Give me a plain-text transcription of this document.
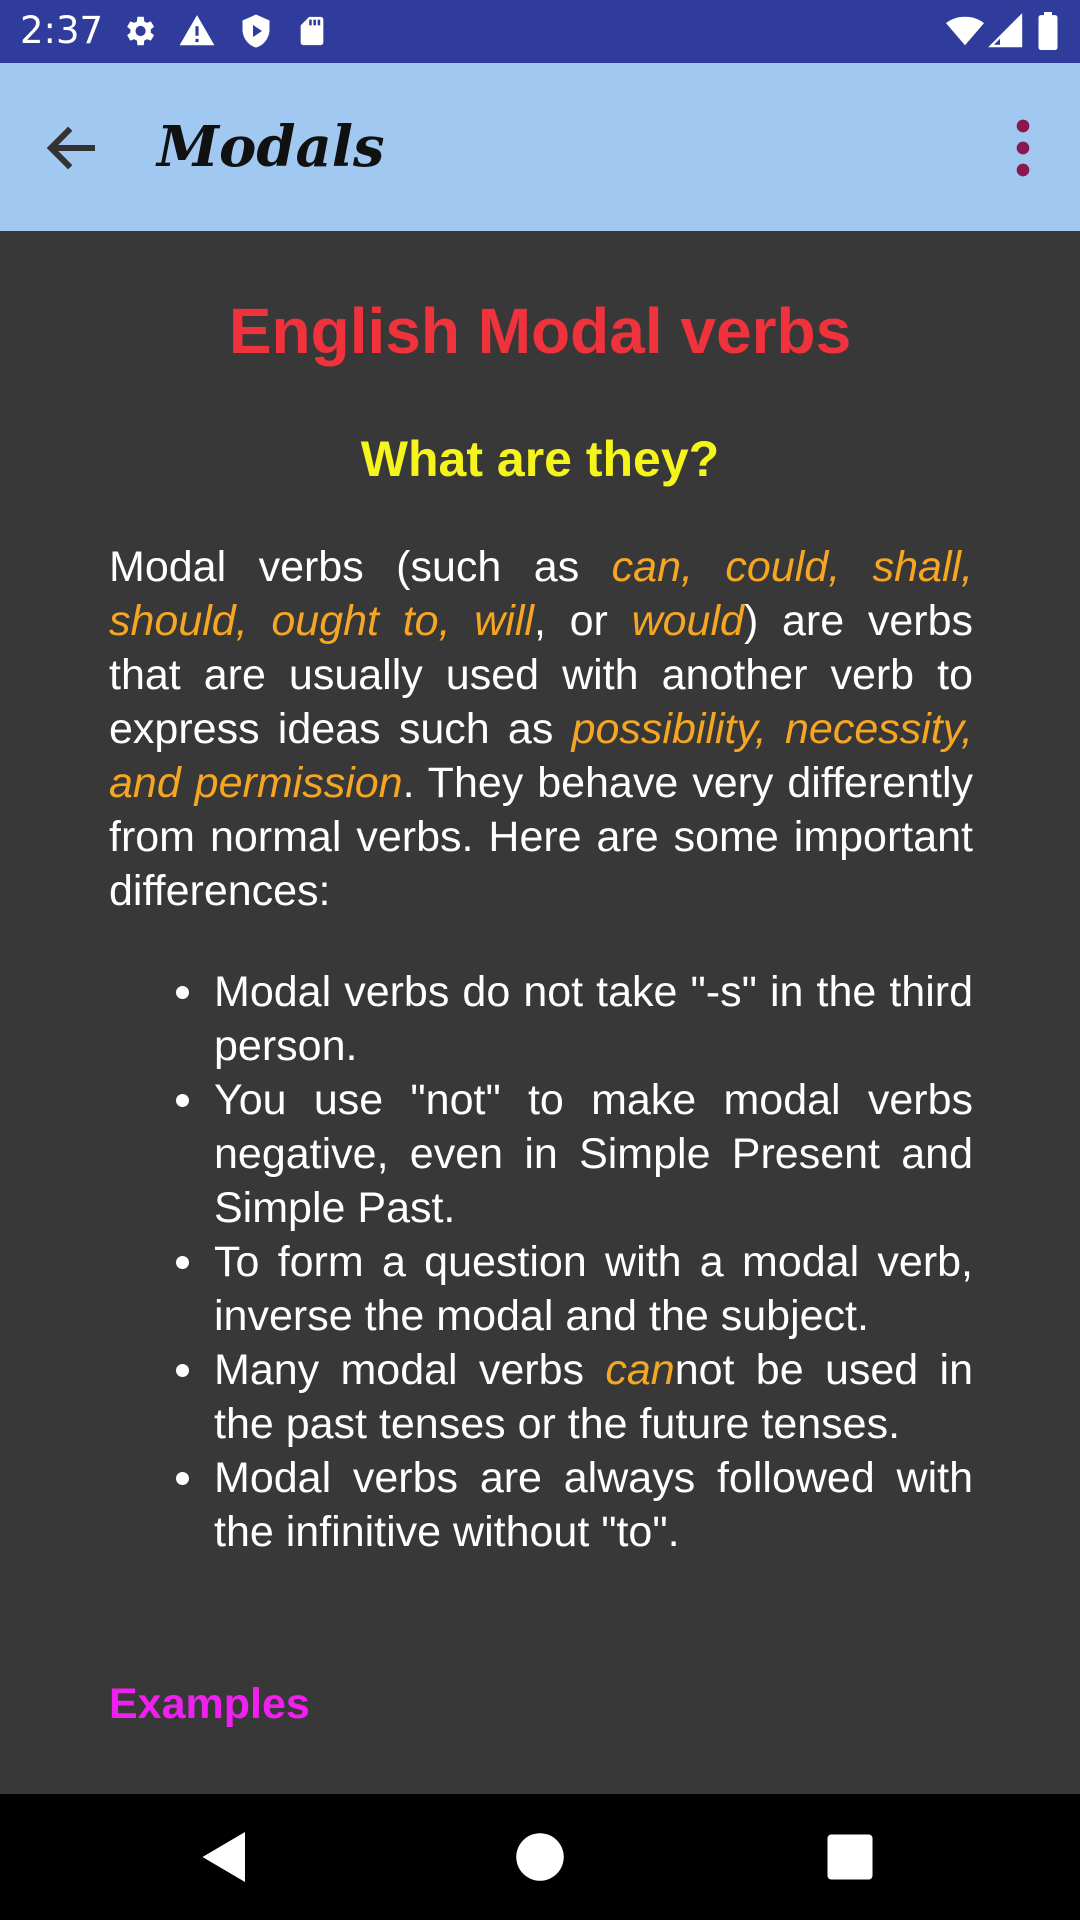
2:37
Modals
English Modal verbs
What are they?

Modal verbs (such as can, could, shall, should, ought to, will, or would) are verbs that are usually used with another verb to express ideas such as possibility, necessity, and permission. They behave very differently from normal verbs. Here are some important differences:

Modal verbs do not take "-s" in the third person.
You use "not" to make modal verbs negative, even in Simple Present and Simple Past.
To form a question with a modal verb, inverse the modal and the subject.
Many modal verbs cannot be used in the past tenses or the future tenses.
Modal verbs are always followed with the infinitive without "to".
Examples
